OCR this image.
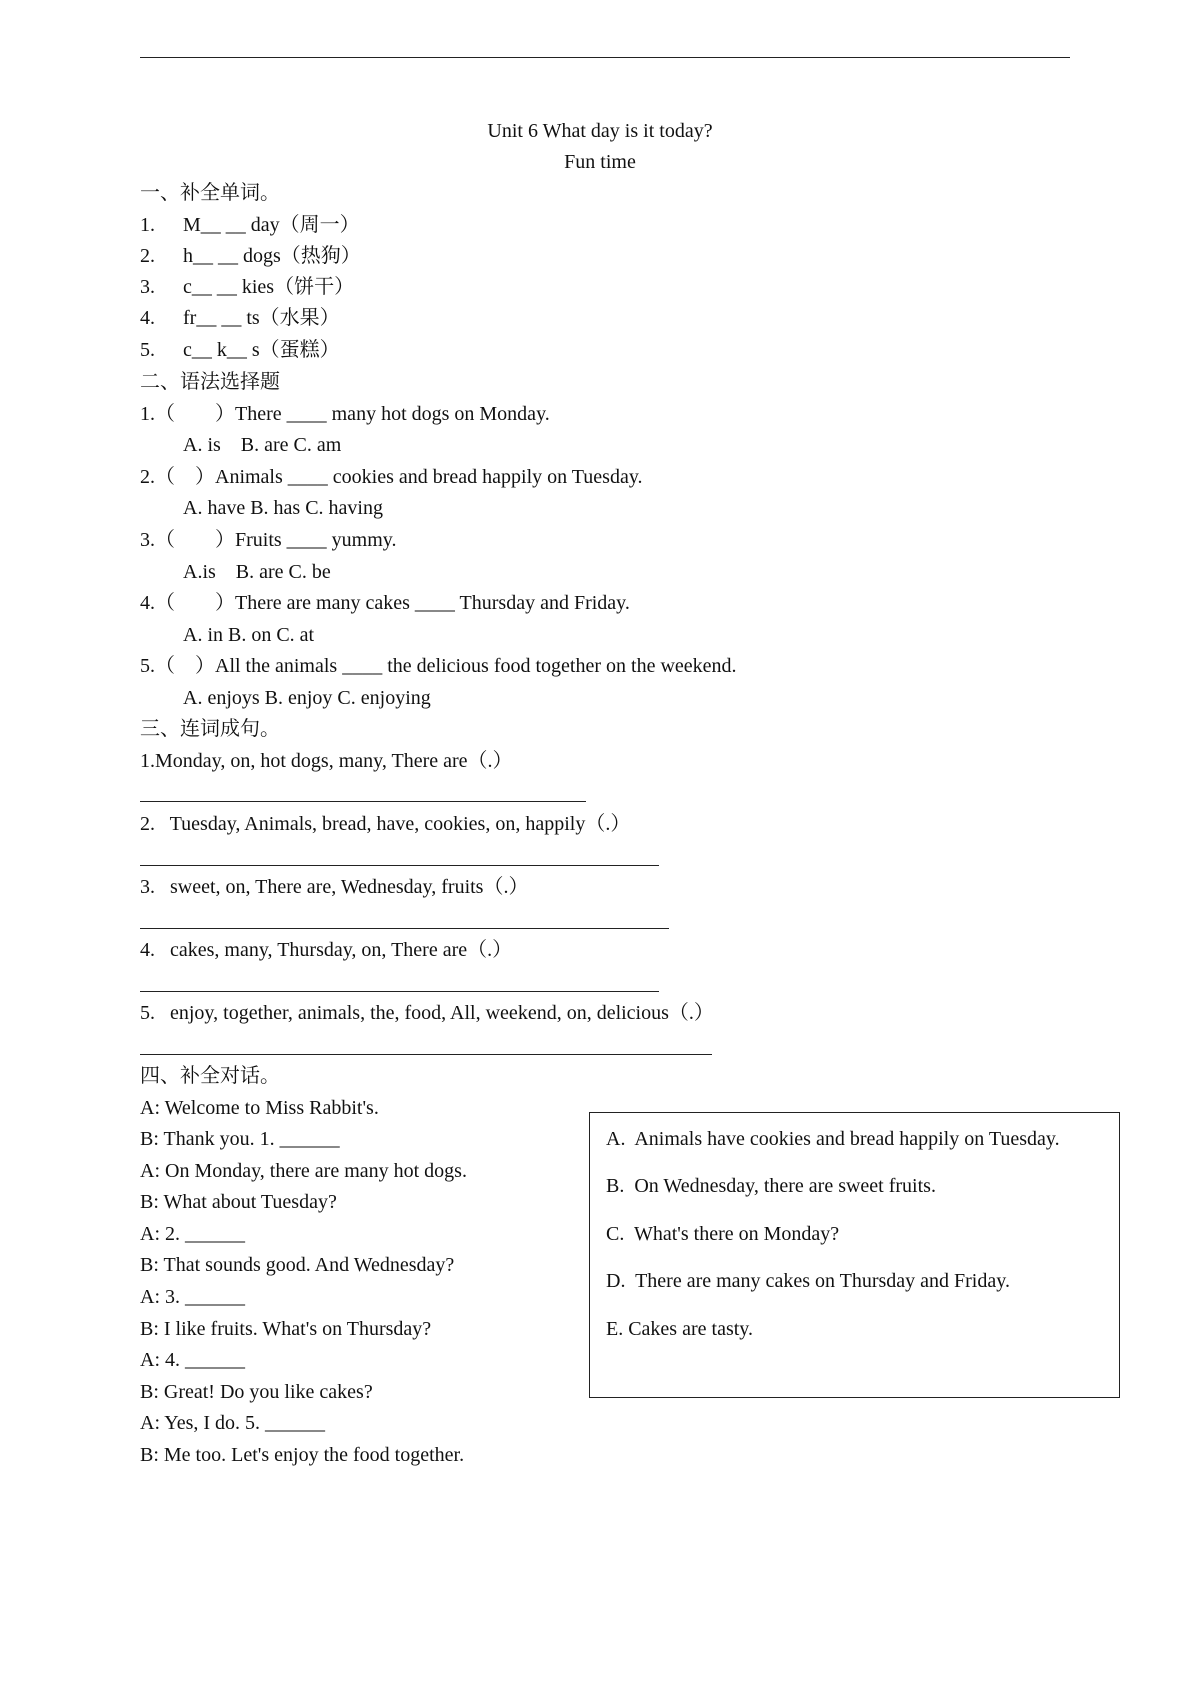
Unit 6 What day is it today?
Fun time
一、补全单词。
1. M__ __ day（周一）
2. h__ __ dogs（热狗）
3. c__ __ kies（饼干）
4. fr__ __ ts（水果）
5. c__ k__ s（蛋糕）
二、语法选择题
1.（　　）There ____ many hot dogs on Monday.
A. is　B. are C. am
2.（　）Animals ____ cookies and bread happily on Tuesday.
A. have B. has C. having
3.（　　）Fruits ____ yummy.
A.is　B. are C. be
4.（　　）There are many cakes ____ Thursday and Friday.
A. in B. on C. at
5.（　）All the animals ____ the delicious food together on the weekend.
A. enjoys B. enjoy C. enjoying
三、连词成句。
1.Monday, on, hot dogs, many, There are（.）
2.   Tuesday, Animals, bread, have, cookies, on, happily（.）
3.   sweet, on, There are, Wednesday, fruits（.）
4.   cakes, many, Thursday, on, There are（.）
5.   enjoy, together, animals, the, food, All, weekend, on, delicious（.）
四、补全对话。
A: Welcome to Miss Rabbit's.
B: Thank you. 1. ______
A: On Monday, there are many hot dogs.
B: What about Tuesday?
A: 2. ______
B: That sounds good. And Wednesday?
A: 3. ______
B: I like fruits. What's on Thursday?
A: 4. ______
B: Great! Do you like cakes?
A: Yes, I do. 5. ______
B: Me too. Let's enjoy the food together.
A.  Animals have cookies and bread happily on Tuesday.
B.  On Wednesday, there are sweet fruits.
C.  What's there on Monday?
D.  There are many cakes on Thursday and Friday.
E. Cakes are tasty.
